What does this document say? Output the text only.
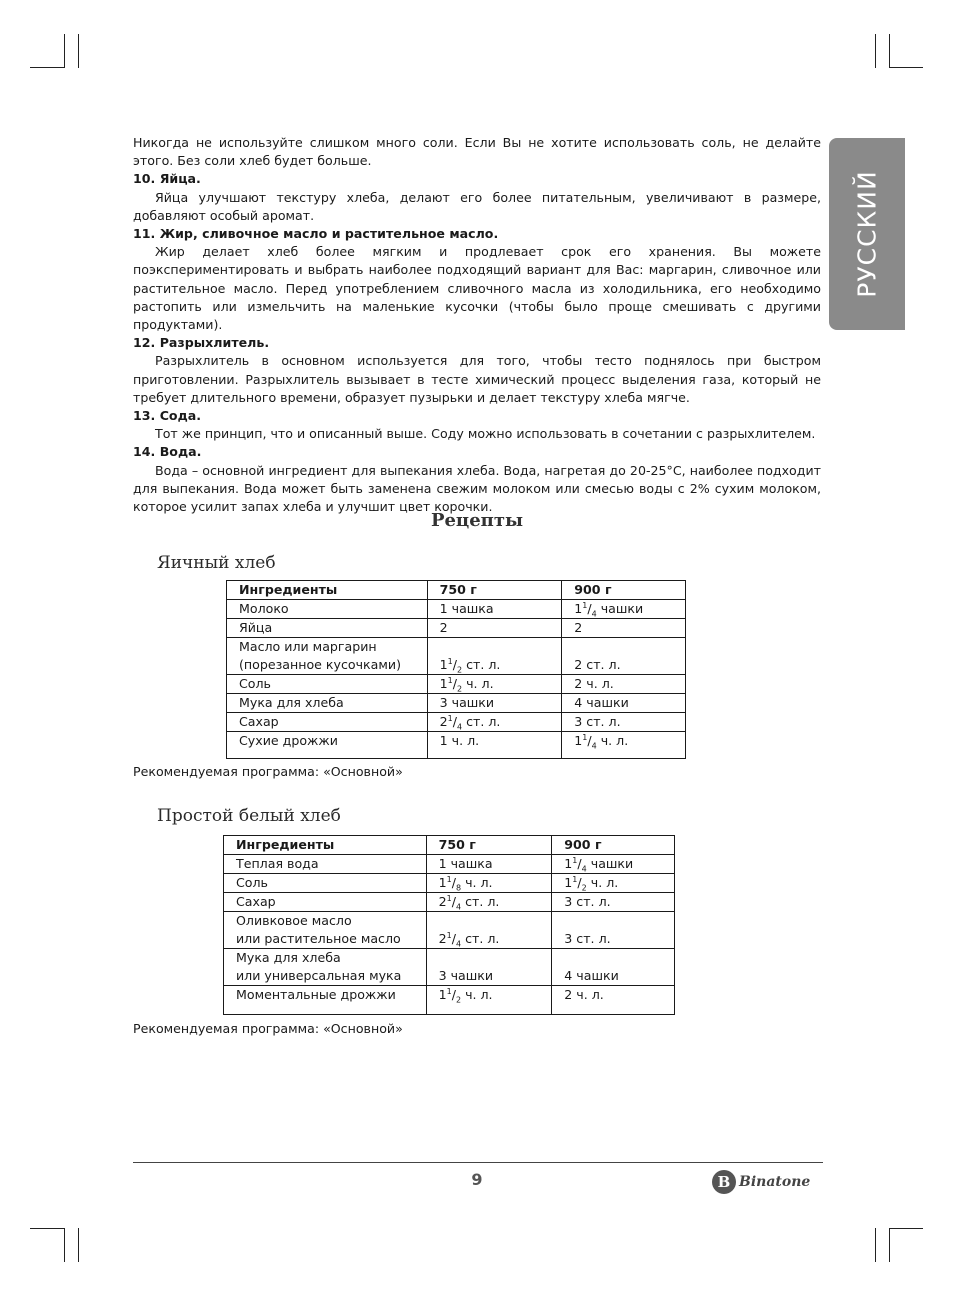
РУССКИЙ

Никогда не используйте слишком много соли. Если Вы не хотите использовать соль, не делайте этого. Без соли хлеб будет больше.

10. Яйца.

Яйца улучшают текстуру хлеба, делают его более питательным, увеличивают в размере, добавляют особый аромат.

11. Жир, сливочное масло и растительное масло.

Жир делает хлеб более мягким и продлевает срок его хранения. Вы можете поэкспериментировать и выбрать наиболее подходящий вариант для Вас: маргарин, сливочное или растительное масло. Перед употреблением сливочного масла из холодильника, его необходимо растопить или измельчить на маленькие кусочки (чтобы было проще смешивать с другими продуктами).

12. Разрыхлитель.

Разрыхлитель в основном используется для того, чтобы тесто поднялось при быстром приготовлении. Разрыхлитель вызывает в тесте химический процесс выделения газа, который не требует длительного времени, образует пузырьки и делает текстуру хлеба мягче.

13. Сода.

Тот же принцип, что и описанный выше. Соду можно использовать в сочетании с разрыхлителем.

14. Вода.

Вода – основной ингредиент для выпекания хлеба. Вода, нагретая до 20-25°C, наиболее подходит для выпекания. Вода может быть заменена свежим молоком или смесью воды с 2% сухим молоком, которое усилит запах хлеба и улучшит цвет корочки.

Рецепты
Яичный хлеб
Ингредиенты	750 г	900 г
Молоко	1 чашка	$1^1/_4$ чашки
Яйца	2	2

Масло или маргарин
(порезанное кусочками)	$1^1/_2$ ст. л.	2 ст. л.
Соль	$1^1/_2$ ч. л.	2 ч. л.
Мука для хлеба	3 чашки	4 чашки
Сахар	$2^1/_4$ ст. л.	3 ст. л.
Сухие дрожжи	1 ч. л.	$1^1/_4$ ч. л.
Рекомендуемая программа: «Основной»
Простой белый хлеб
Ингредиенты	750 г	900 г
Теплая вода	1 чашка	$1^1/_4$ чашки
Соль	$1^1/_8$ ч. л.	$1^1/_2$ ч. л.
Сахар	$2^1/_4$ ст. л.	3 ст. л.

Оливковое масло
или растительное масло	$2^1/_4$ ст. л.	3 ст. л.

Мука для хлеба
или универсальная мука	3 чашки	4 чашки
Моментальные дрожжи	$1^1/_2$ ч. л.	2 ч. л.
Рекомендуемая программа: «Основной»
9	B Binatone
